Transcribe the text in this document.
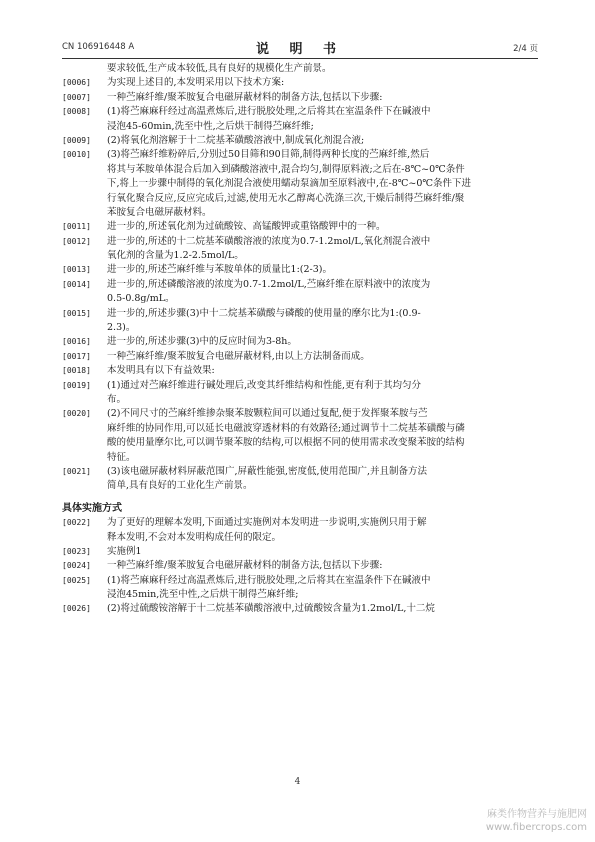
CN 106916448 A	说 明 书	2/4 页
要求较低,生产成本较低,具有良好的规模化生产前景。
[0006] 为实现上述目的,本发明采用以下技术方案:
[0007] 一种苎麻纤维/聚苯胺复合电磁屏蔽材料的制备方法,包括以下步骤:
[0008] (1)将苎麻麻秆经过高温煮炼后,进行脱胶处理,之后将其在室温条件下在碱液中
浸泡45-60min,洗至中性,之后烘干制得苎麻纤维;
[0009] (2)将氧化剂溶解于十二烷基苯磺酸溶液中,制成氧化剂混合液;
[0010] (3)将苎麻纤维粉碎后,分别过50目筛和90目筛,制得两种长度的苎麻纤维,然后
将其与苯胺单体混合后加入到磷酸溶液中,混合均匀,制得原料液;之后在-8℃~0℃条件
下,将上一步骤中制得的氧化剂混合液使用蠕动泵滴加至原料液中,在-8℃~0℃条件下进
行氧化聚合反应,反应完成后,过滤,使用无水乙醇离心洗涤三次,干燥后制得苎麻纤维/聚
苯胺复合电磁屏蔽材料。
[0011] 进一步的,所述氧化剂为过硫酸铵、高锰酸钾或重铬酸钾中的一种。
[0012] 进一步的,所述的十二烷基苯磺酸溶液的浓度为0.7-1.2mol/L,氧化剂混合液中
氧化剂的含量为1.2-2.5mol/L。
[0013] 进一步的,所述苎麻纤维与苯胺单体的质量比1:(2-3)。
[0014] 进一步的,所述磷酸溶液的浓度为0.7-1.2mol/L,苎麻纤维在原料液中的浓度为
0.5-0.8g/mL。
[0015] 进一步的,所述步骤(3)中十二烷基苯磺酸与磷酸的使用量的摩尔比为1:(0.9-
2.3)。
[0016] 进一步的,所述步骤(3)中的反应时间为3-8h。
[0017] 一种苎麻纤维/聚苯胺复合电磁屏蔽材料,由以上方法制备而成。
[0018] 本发明具有以下有益效果:
[0019] (1)通过对苎麻纤维进行碱处理后,改变其纤维结构和性能,更有利于其均匀分
布。
[0020] (2)不同尺寸的苎麻纤维掺杂聚苯胺颗粒间可以通过复配,便于发挥聚苯胺与苎
麻纤维的协同作用,可以延长电磁波穿透材料的有效路径;通过调节十二烷基苯磺酸与磷
酸的使用量摩尔比,可以调节聚苯胺的结构,可以根据不同的使用需求改变聚苯胺的结构
特征。
[0021] (3)该电磁屏蔽材料屏蔽范围广,屏蔽性能强,密度低,使用范围广,并且制备方法
简单,具有良好的工业化生产前景。
具体实施方式
[0022] 为了更好的理解本发明,下面通过实施例对本发明进一步说明,实施例只用于解
释本发明,不会对本发明构成任何的限定。
[0023] 实施例1
[0024] 一种苎麻纤维/聚苯胺复合电磁屏蔽材料的制备方法,包括以下步骤:
[0025] (1)将苎麻麻秆经过高温煮炼后,进行脱胶处理,之后将其在室温条件下在碱液中
浸泡45min,洗至中性,之后烘干制得苎麻纤维;
[0026] (2)将过硫酸铵溶解于十二烷基苯磺酸溶液中,过硫酸铵含量为1.2mol/L,十二烷
4
麻类作物营养与施肥网
www.fibercrops.com
